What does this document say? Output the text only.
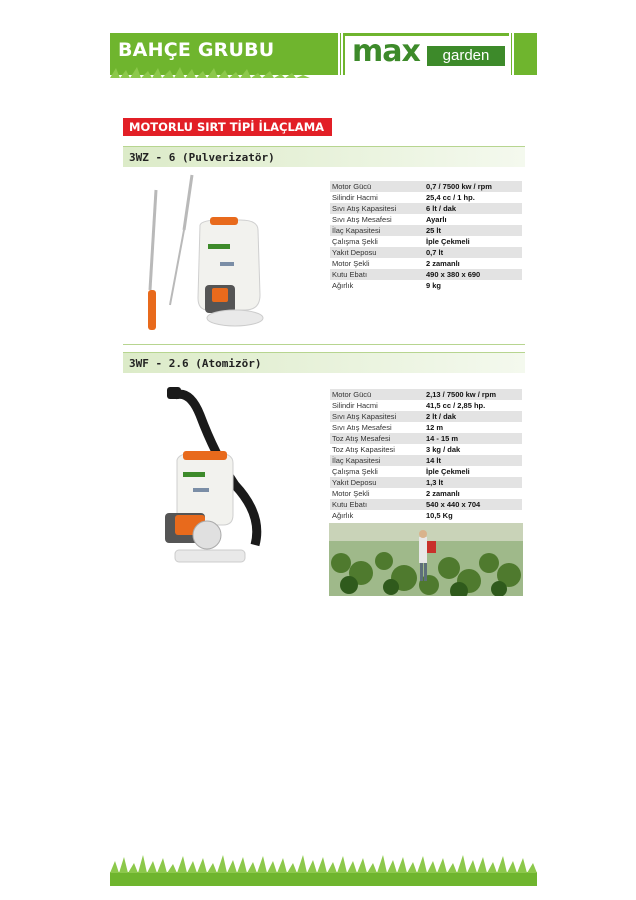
BAHÇE GRUBU	max	garden
MOTORLU SIRT TİPİ İLAÇLAMA
3WZ - 6 (Pulverizatör)
Motor Gücü	0,7 / 7500 kw / rpm
Silindir Hacmi	25,4 cc / 1 hp.
Sıvı Atış Kapasitesi	6 lt / dak
Sıvı Atış Mesafesi	Ayarlı
İlaç Kapasitesi	25 lt
Çalışma Şekli	İple Çekmeli
Yakıt Deposu	0,7 lt
Motor Şekli	2 zamanlı
Kutu Ebatı	490 x 380 x 690
Ağırlık	9 kg
3WF - 2.6 (Atomizör)
Motor Gücü	2,13 / 7500 kw / rpm
Silindir Hacmi	41,5 cc / 2,85 hp.
Sıvı Atış Kapasitesi	2 lt / dak
Sıvı Atış Mesafesi	12 m
Toz Atış Mesafesi	14 - 15 m
Toz Atış Kapasitesi	3 kg / dak
İlaç Kapasitesi	14 lt
Çalışma Şekli	İple Çekmeli
Yakıt Deposu	1,3 lt
Motor Şekli	2 zamanlı
Kutu Ebatı	540 x 440 x 704
Ağırlık	10,5 Kg
